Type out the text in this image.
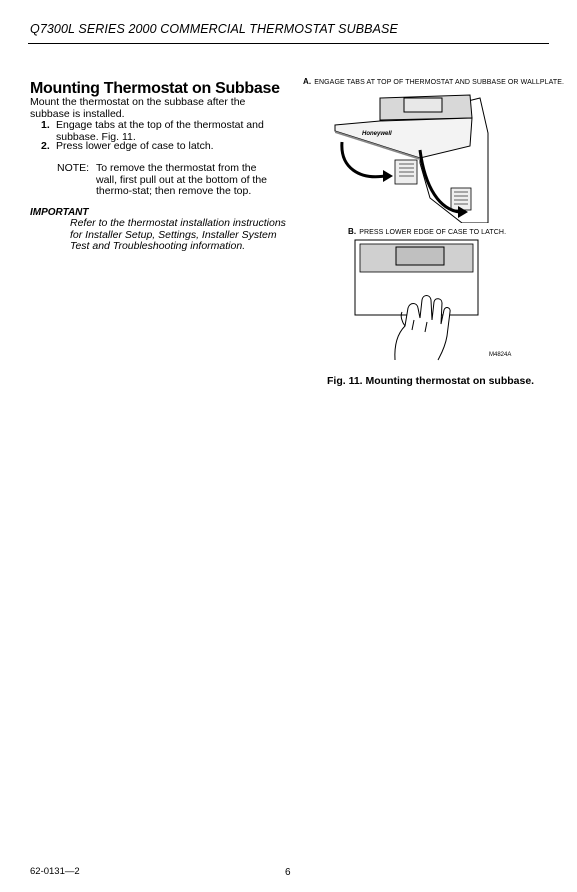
Q7300L SERIES 2000 COMMERCIAL THERMOSTAT SUBBASE
Mounting Thermostat on Subbase
Mount the thermostat on the subbase after the subbase is installed.
1. Engage tabs at the top of the thermostat and subbase. Fig. 11.
2. Press lower edge of case to latch.
NOTE: To remove the thermostat from the wall, first pull out at the bottom of the thermo-stat; then remove the top.
IMPORTANT
Refer to the thermostat installation instructions for Installer Setup, Settings, Installer System Test and Troubleshooting information.
A. ENGAGE TABS AT TOP OF THERMOSTAT AND SUBBASE OR WALLPLATE.
Honeywell
B. PRESS LOWER EDGE OF CASE TO LATCH.
M4824A
Fig. 11. Mounting thermostat on subbase.
62-0131—2	6
